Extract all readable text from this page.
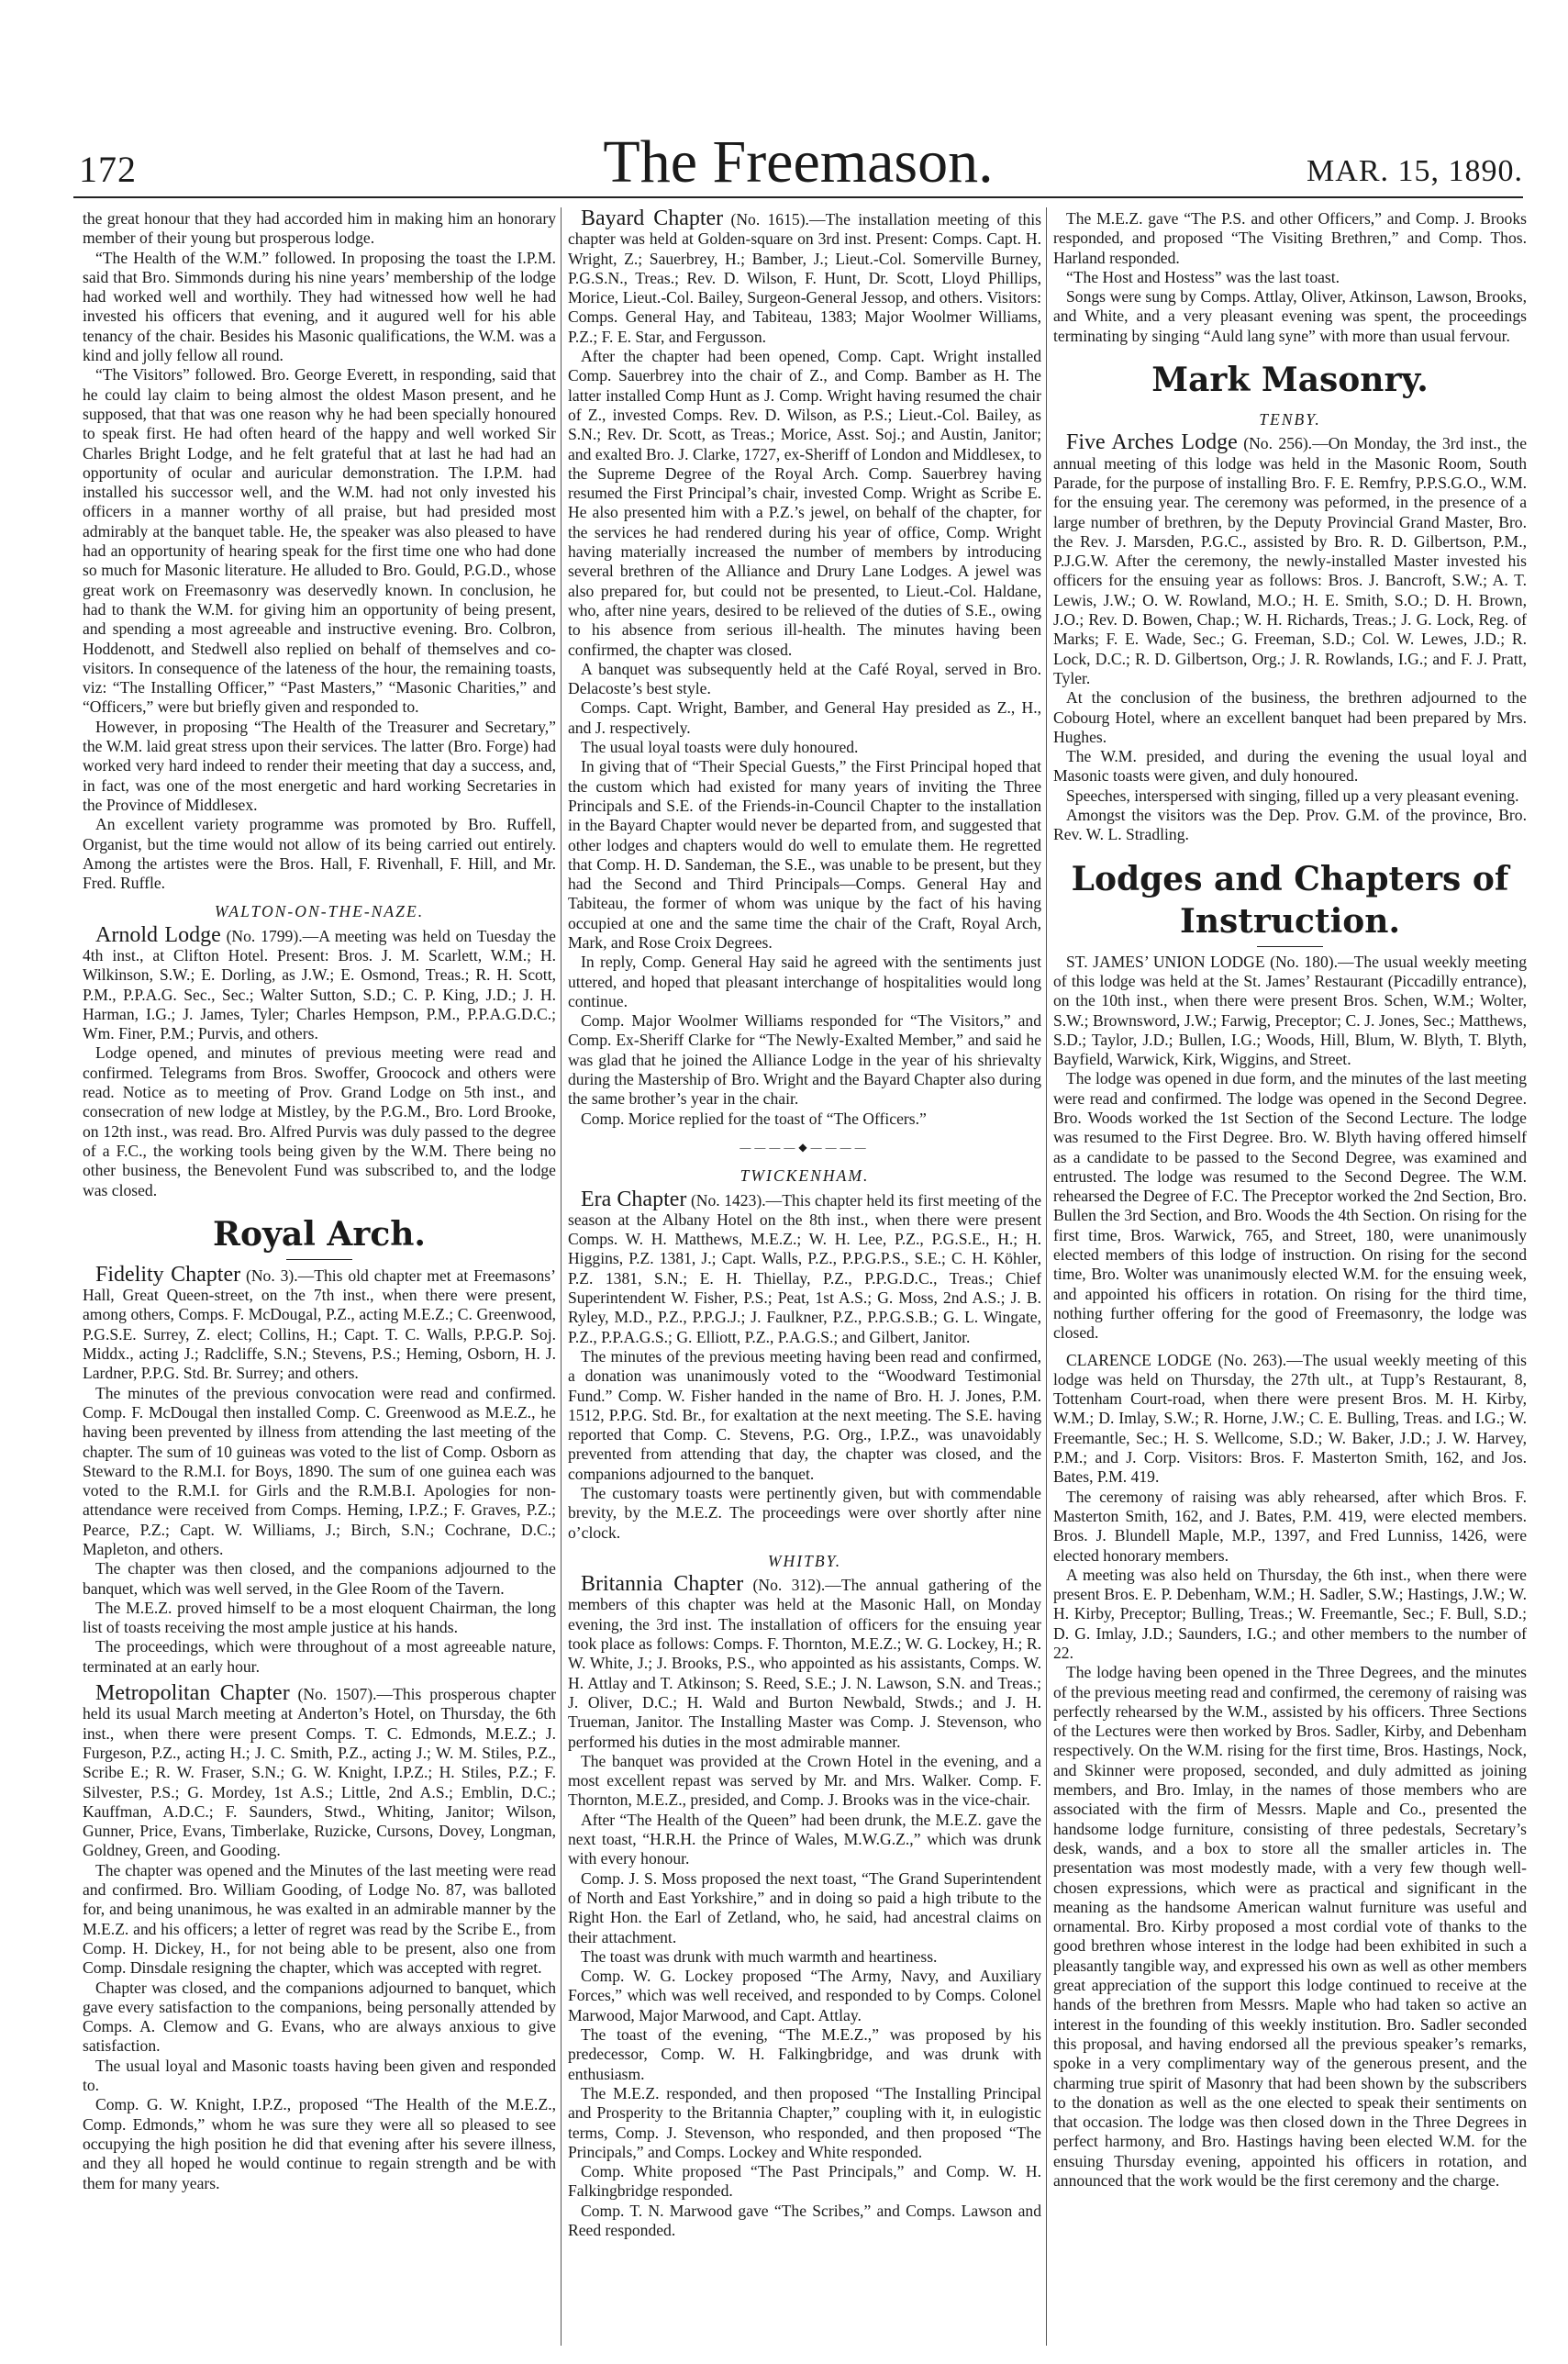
172	The Freemason.	MAR. 15, 1890.

the great honour that they had accorded him in making him an honorary member of their young but prosperous lodge.

“The Health of the W.M.” followed. In proposing the toast the I.P.M. said that Bro. Simmonds during his nine years’ membership of the lodge had worked well and worthily. They had witnessed how well he had invested his officers that evening, and it augured well for his able tenancy of the chair. Besides his Masonic qualifications, the W.M. was a kind and jolly fellow all round.

“The Visitors” followed. Bro. George Everett, in responding, said that he could lay claim to being almost the oldest Mason present, and he supposed, that that was one reason why he had been specially honoured to speak first. He had often heard of the happy and well worked Sir Charles Bright Lodge, and he felt grateful that at last he had had an opportunity of ocular and auricular demonstration. The I.P.M. had installed his successor well, and the W.M. had not only invested his officers in a manner worthy of all praise, but had presided most admirably at the banquet table. He, the speaker was also pleased to have had an opportunity of hearing speak for the first time one who had done so much for Masonic literature. He alluded to Bro. Gould, P.G.D., whose great work on Freemasonry was deservedly known. In conclusion, he had to thank the W.M. for giving him an opportunity of being present, and spending a most agreeable and instructive evening. Bro. Colbron, Hoddenott, and Stedwell also replied on behalf of themselves and co-visitors. In consequence of the lateness of the hour, the remaining toasts, viz: “The Installing Officer,” “Past Masters,” “Masonic Charities,” and “Officers,” were but briefly given and responded to.

However, in proposing “The Health of the Treasurer and Secretary,” the W.M. laid great stress upon their services. The latter (Bro. Forge) had worked very hard indeed to render their meeting that day a success, and, in fact, was one of the most energetic and hard working Secretaries in the Province of Middlesex.

An excellent variety programme was promoted by Bro. Ruffell, Organist, but the time would not allow of its being carried out entirely. Among the artistes were the Bros. Hall, F. Rivenhall, F. Hill, and Mr. Fred. Ruffle.

WALTON-ON-THE-NAZE.

Arnold Lodge (No. 1799).—A meeting was held on Tuesday the 4th inst., at Clifton Hotel. Present: Bros. J. M. Scarlett, W.M.; H. Wilkinson, S.W.; E. Dorling, as J.W.; E. Osmond, Treas.; R. H. Scott, P.M., P.P.A.G. Sec., Sec.; Walter Sutton, S.D.; C. P. King, J.D.; J. H. Harman, I.G.; J. James, Tyler; Charles Hempson, P.M., P.P.A.G.D.C.; Wm. Finer, P.M.; Purvis, and others.

Lodge opened, and minutes of previous meeting were read and confirmed. Telegrams from Bros. Swoffer, Groocock and others were read. Notice as to meeting of Prov. Grand Lodge on 5th inst., and consecration of new lodge at Mistley, by the P.G.M., Bro. Lord Brooke, on 12th inst., was read. Bro. Alfred Purvis was duly passed to the degree of a F.C., the working tools being given by the W.M. There being no other business, the Benevolent Fund was subscribed to, and the lodge was closed.

Royal Arch.

Fidelity Chapter (No. 3).—This old chapter met at Freemasons’ Hall, Great Queen-street, on the 7th inst., when there were present, among others, Comps. F. McDougal, P.Z., acting M.E.Z.; C. Greenwood, P.G.S.E. Surrey, Z. elect; Collins, H.; Capt. T. C. Walls, P.P.G.P. Soj. Middx., acting J.; Radcliffe, S.N.; Stevens, P.S.; Heming, Osborn, H. J. Lardner, P.P.G. Std. Br. Surrey; and others.

The minutes of the previous convocation were read and confirmed. Comp. F. McDougal then installed Comp. C. Greenwood as M.E.Z., he having been prevented by illness from attending the last meeting of the chapter. The sum of 10 guineas was voted to the list of Comp. Osborn as Steward to the R.M.I. for Boys, 1890. The sum of one guinea each was voted to the R.M.I. for Girls and the R.M.B.I. Apologies for non-attendance were received from Comps. Heming, I.P.Z.; F. Graves, P.Z.; Pearce, P.Z.; Capt. W. Williams, J.; Birch, S.N.; Cochrane, D.C.; Mapleton, and others.

The chapter was then closed, and the companions adjourned to the banquet, which was well served, in the Glee Room of the Tavern.

The M.E.Z. proved himself to be a most eloquent Chairman, the long list of toasts receiving the most ample justice at his hands.

The proceedings, which were throughout of a most agreeable nature, terminated at an early hour.

Metropolitan Chapter (No. 1507).—This prosperous chapter held its usual March meeting at Anderton’s Hotel, on Thursday, the 6th inst., when there were present Comps. T. C. Edmonds, M.E.Z.; J. Furgeson, P.Z., acting H.; J. C. Smith, P.Z., acting J.; W. M. Stiles, P.Z., Scribe E.; R. W. Fraser, S.N.; G. W. Knight, I.P.Z.; H. Stiles, P.Z.; F. Silvester, P.S.; G. Mordey, 1st A.S.; Little, 2nd A.S.; Emblin, D.C.; Kauffman, A.D.C.; F. Saunders, Stwd., Whiting, Janitor; Wilson, Gunner, Price, Evans, Timberlake, Ruzicke, Cursons, Dovey, Longman, Goldney, Green, and Gooding.

The chapter was opened and the Minutes of the last meeting were read and confirmed. Bro. William Gooding, of Lodge No. 87, was balloted for, and being unanimous, he was exalted in an admirable manner by the M.E.Z. and his officers; a letter of regret was read by the Scribe E., from Comp. H. Dickey, H., for not being able to be present, also one from Comp. Dinsdale resigning the chapter, which was accepted with regret.

Chapter was closed, and the companions adjourned to banquet, which gave every satisfaction to the companions, being personally attended by Comps. A. Clemow and G. Evans, who are always anxious to give satisfaction.

The usual loyal and Masonic toasts having been given and responded to.

Comp. G. W. Knight, I.P.Z., proposed “The Health of the M.E.Z., Comp. Edmonds,” whom he was sure they were all so pleased to see occupying the high position he did that evening after his severe illness, and they all hoped he would continue to regain strength and be with them for many years.

Bayard Chapter (No. 1615).—The installation meeting of this chapter was held at Golden-square on 3rd inst. Present: Comps. Capt. H. Wright, Z.; Sauerbrey, H.; Bamber, J.; Lieut.-Col. Somerville Burney, P.G.S.N., Treas.; Rev. D. Wilson, F. Hunt, Dr. Scott, Lloyd Phillips, Morice, Lieut.-Col. Bailey, Surgeon-General Jessop, and others. Visitors: Comps. General Hay, and Tabiteau, 1383; Major Woolmer Williams, P.Z.; F. E. Star, and Fergusson.

After the chapter had been opened, Comp. Capt. Wright installed Comp. Sauerbrey into the chair of Z., and Comp. Bamber as H. The latter installed Comp Hunt as J. Comp. Wright having resumed the chair of Z., invested Comps. Rev. D. Wilson, as P.S.; Lieut.-Col. Bailey, as S.N.; Rev. Dr. Scott, as Treas.; Morice, Asst. Soj.; and Austin, Janitor; and exalted Bro. J. Clarke, 1727, ex-Sheriff of London and Middlesex, to the Supreme Degree of the Royal Arch. Comp. Sauerbrey having resumed the First Principal’s chair, invested Comp. Wright as Scribe E. He also presented him with a P.Z.’s jewel, on behalf of the chapter, for the services he had rendered during his year of office, Comp. Wright having materially increased the number of members by introducing several brethren of the Alliance and Drury Lane Lodges. A jewel was also prepared for, but could not be presented, to Lieut.-Col. Haldane, who, after nine years, desired to be relieved of the duties of S.E., owing to his absence from serious ill-health. The minutes having been confirmed, the chapter was closed.

A banquet was subsequently held at the Café Royal, served in Bro. Delacoste’s best style.

Comps. Capt. Wright, Bamber, and General Hay presided as Z., H., and J. respectively.

The usual loyal toasts were duly honoured.

In giving that of “Their Special Guests,” the First Principal hoped that the custom which had existed for many years of inviting the Three Principals and S.E. of the Friends-in-Council Chapter to the installation in the Bayard Chapter would never be departed from, and suggested that other lodges and chapters would do well to emulate them. He regretted that Comp. H. D. Sandeman, the S.E., was unable to be present, but they had the Second and Third Principals—Comps. General Hay and Tabiteau, the former of whom was unique by the fact of his having occupied at one and the same time the chair of the Craft, Royal Arch, Mark, and Rose Croix Degrees.

In reply, Comp. General Hay said he agreed with the sentiments just uttered, and hoped that pleasant interchange of hospitalities would long continue.

Comp. Major Woolmer Williams responded for “The Visitors,” and Comp. Ex-Sheriff Clarke for “The Newly-Exalted Member,” and said he was glad that he joined the Alliance Lodge in the year of his shrievalty during the Mastership of Bro. Wright and the Bayard Chapter also during the same brother’s year in the chair.

Comp. Morice replied for the toast of “The Officers.”

————◆————
TWICKENHAM.

Era Chapter (No. 1423).—This chapter held its first meeting of the season at the Albany Hotel on the 8th inst., when there were present Comps. W. H. Matthews, M.E.Z.; W. H. Lee, P.Z., P.G.S.E., H.; H. Higgins, P.Z. 1381, J.; Capt. Walls, P.Z., P.P.G.P.S., S.E.; C. H. Köhler, P.Z. 1381, S.N.; E. H. Thiellay, P.Z., P.P.G.D.C., Treas.; Chief Superintendent W. Fisher, P.S.; Peat, 1st A.S.; G. Moss, 2nd A.S.; J. B. Ryley, M.D., P.Z., P.P.G.J.; J. Faulkner, P.Z., P.P.G.S.B.; G. L. Wingate, P.Z., P.P.A.G.S.; G. Elliott, P.Z., P.A.G.S.; and Gilbert, Janitor.

The minutes of the previous meeting having been read and confirmed, a donation was unanimously voted to the “Woodward Testimonial Fund.” Comp. W. Fisher handed in the name of Bro. H. J. Jones, P.M. 1512, P.P.G. Std. Br., for exaltation at the next meeting. The S.E. having reported that Comp. C. Stevens, P.G. Org., I.P.Z., was unavoidably prevented from attending that day, the chapter was closed, and the companions adjourned to the banquet.

The customary toasts were pertinently given, but with commendable brevity, by the M.E.Z. The proceedings were over shortly after nine o’clock.

WHITBY.

Britannia Chapter (No. 312).—The annual gathering of the members of this chapter was held at the Masonic Hall, on Monday evening, the 3rd inst. The installation of officers for the ensuing year took place as follows: Comps. F. Thornton, M.E.Z.; W. G. Lockey, H.; R. W. White, J.; J. Brooks, P.S., who appointed as his assistants, Comps. W. H. Attlay and T. Atkinson; S. Reed, S.E.; J. N. Lawson, S.N. and Treas.; J. Oliver, D.C.; H. Wald and Burton Newbald, Stwds.; and J. H. Trueman, Janitor. The Installing Master was Comp. J. Stevenson, who performed his duties in the most admirable manner.

The banquet was provided at the Crown Hotel in the evening, and a most excellent repast was served by Mr. and Mrs. Walker. Comp. F. Thornton, M.E.Z., presided, and Comp. J. Brooks was in the vice-chair.

After “The Health of the Queen” had been drunk, the M.E.Z. gave the next toast, “H.R.H. the Prince of Wales, M.W.G.Z.,” which was drunk with every honour.

Comp. J. S. Moss proposed the next toast, “The Grand Superintendent of North and East Yorkshire,” and in doing so paid a high tribute to the Right Hon. the Earl of Zetland, who, he said, had ancestral claims on their attachment.

The toast was drunk with much warmth and heartiness.

Comp. W. G. Lockey proposed “The Army, Navy, and Auxiliary Forces,” which was well received, and responded to by Comps. Colonel Marwood, Major Marwood, and Capt. Attlay.

The toast of the evening, “The M.E.Z.,” was proposed by his predecessor, Comp. W. H. Falkingbridge, and was drunk with enthusiasm.

The M.E.Z. responded, and then proposed “The Installing Principal and Prosperity to the Britannia Chapter,” coupling with it, in eulogistic terms, Comp. J. Stevenson, who responded, and then proposed “The Principals,” and Comps. Lockey and White responded.

Comp. White proposed “The Past Principals,” and Comp. W. H. Falkingbridge responded.

Comp. T. N. Marwood gave “The Scribes,” and Comps. Lawson and Reed responded.

The M.E.Z. gave “The P.S. and other Officers,” and Comp. J. Brooks responded, and proposed “The Visiting Brethren,” and Comp. Thos. Harland responded.

“The Host and Hostess” was the last toast.

Songs were sung by Comps. Attlay, Oliver, Atkinson, Lawson, Brooks, and White, and a very pleasant evening was spent, the proceedings terminating by singing “Auld lang syne” with more than usual fervour.

Mark Masonry.
TENBY.

Five Arches Lodge (No. 256).—On Monday, the 3rd inst., the annual meeting of this lodge was held in the Masonic Room, South Parade, for the purpose of installing Bro. F. E. Remfry, P.P.S.G.O., W.M. for the ensuing year. The ceremony was peformed, in the presence of a large number of brethren, by the Deputy Provincial Grand Master, Bro. the Rev. J. Marsden, P.G.C., assisted by Bro. R. D. Gilbertson, P.M., P.J.G.W. After the ceremony, the newly-installed Master invested his officers for the ensuing year as follows: Bros. J. Bancroft, S.W.; A. T. Lewis, J.W.; O. W. Rowland, M.O.; H. E. Smith, S.O.; D. H. Brown, J.O.; Rev. D. Bowen, Chap.; W. H. Richards, Treas.; J. G. Lock, Reg. of Marks; F. E. Wade, Sec.; G. Freeman, S.D.; Col. W. Lewes, J.D.; R. Lock, D.C.; R. D. Gilbertson, Org.; J. R. Rowlands, I.G.; and F. J. Pratt, Tyler.

At the conclusion of the business, the brethren adjourned to the Cobourg Hotel, where an excellent banquet had been prepared by Mrs. Hughes.

The W.M. presided, and during the evening the usual loyal and Masonic toasts were given, and duly honoured.

Speeches, interspersed with singing, filled up a very pleasant evening.

Amongst the visitors was the Dep. Prov. G.M. of the province, Bro. Rev. W. L. Stradling.

Lodges and Chapters of
Instruction.

ST. JAMES’ UNION LODGE (No. 180).—The usual weekly meeting of this lodge was held at the St. James’ Restaurant (Piccadilly entrance), on the 10th inst., when there were present Bros. Schen, W.M.; Wolter, S.W.; Brownsword, J.W.; Farwig, Preceptor; C. J. Jones, Sec.; Matthews, S.D.; Taylor, J.D.; Bullen, I.G.; Woods, Hill, Blum, W. Blyth, T. Blyth, Bayfield, Warwick, Kirk, Wiggins, and Street.

The lodge was opened in due form, and the minutes of the last meeting were read and confirmed. The lodge was opened in the Second Degree. Bro. Woods worked the 1st Section of the Second Lecture. The lodge was resumed to the First Degree. Bro. W. Blyth having offered himself as a candidate to be passed to the Second Degree, was examined and entrusted. The lodge was resumed to the Second Degree. The W.M. rehearsed the Degree of F.C. The Preceptor worked the 2nd Section, Bro. Bullen the 3rd Section, and Bro. Woods the 4th Section. On rising for the first time, Bros. Warwick, 765, and Street, 180, were unanimously elected members of this lodge of instruction. On rising for the second time, Bro. Wolter was unanimously elected W.M. for the ensuing week, and appointed his officers in rotation. On rising for the third time, nothing further offering for the good of Freemasonry, the lodge was closed.

CLARENCE LODGE (No. 263).—The usual weekly meeting of this lodge was held on Thursday, the 27th ult., at Tupp’s Restaurant, 8, Tottenham Court-road, when there were present Bros. M. H. Kirby, W.M.; D. Imlay, S.W.; R. Horne, J.W.; C. E. Bulling, Treas. and I.G.; W. Freemantle, Sec.; H. S. Wellcome, S.D.; W. Baker, J.D.; J. W. Harvey, P.M.; and J. Corp. Visitors: Bros. F. Masterton Smith, 162, and Jos. Bates, P.M. 419.

The ceremony of raising was ably rehearsed, after which Bros. F. Masterton Smith, 162, and J. Bates, P.M. 419, were elected members. Bros. J. Blundell Maple, M.P., 1397, and Fred Lunniss, 1426, were elected honorary members.

A meeting was also held on Thursday, the 6th inst., when there were present Bros. E. P. Debenham, W.M.; H. Sadler, S.W.; Hastings, J.W.; W. H. Kirby, Preceptor; Bulling, Treas.; W. Freemantle, Sec.; F. Bull, S.D.; D. G. Imlay, J.D.; Saunders, I.G.; and other members to the number of 22.

The lodge having been opened in the Three Degrees, and the minutes of the previous meeting read and confirmed, the ceremony of raising was perfectly rehearsed by the W.M., assisted by his officers. Three Sections of the Lectures were then worked by Bros. Sadler, Kirby, and Debenham respectively. On the W.M. rising for the first time, Bros. Hastings, Nock, and Skinner were proposed, seconded, and duly admitted as joining members, and Bro. Imlay, in the names of those members who are associated with the firm of Messrs. Maple and Co., presented the handsome lodge furniture, consisting of three pedestals, Secretary’s desk, wands, and a box to store all the smaller articles in. The presentation was most modestly made, with a very few though well-chosen expressions, which were as practical and significant in the meaning as the handsome American walnut furniture was useful and ornamental. Bro. Kirby proposed a most cordial vote of thanks to the good brethren whose interest in the lodge had been exhibited in such a pleasantly tangible way, and expressed his own as well as other members great appreciation of the support this lodge continued to receive at the hands of the brethren from Messrs. Maple who had taken so active an interest in the founding of this weekly institution. Bro. Sadler seconded this proposal, and having endorsed all the previous speaker’s remarks, spoke in a very complimentary way of the generous present, and the charming true spirit of Masonry that had been shown by the subscribers to the donation as well as the one elected to speak their sentiments on that occasion. The lodge was then closed down in the Three Degrees in perfect harmony, and Bro. Hastings having been elected W.M. for the ensuing Thursday evening, appointed his officers in rotation, and announced that the work would be the first ceremony and the charge.
